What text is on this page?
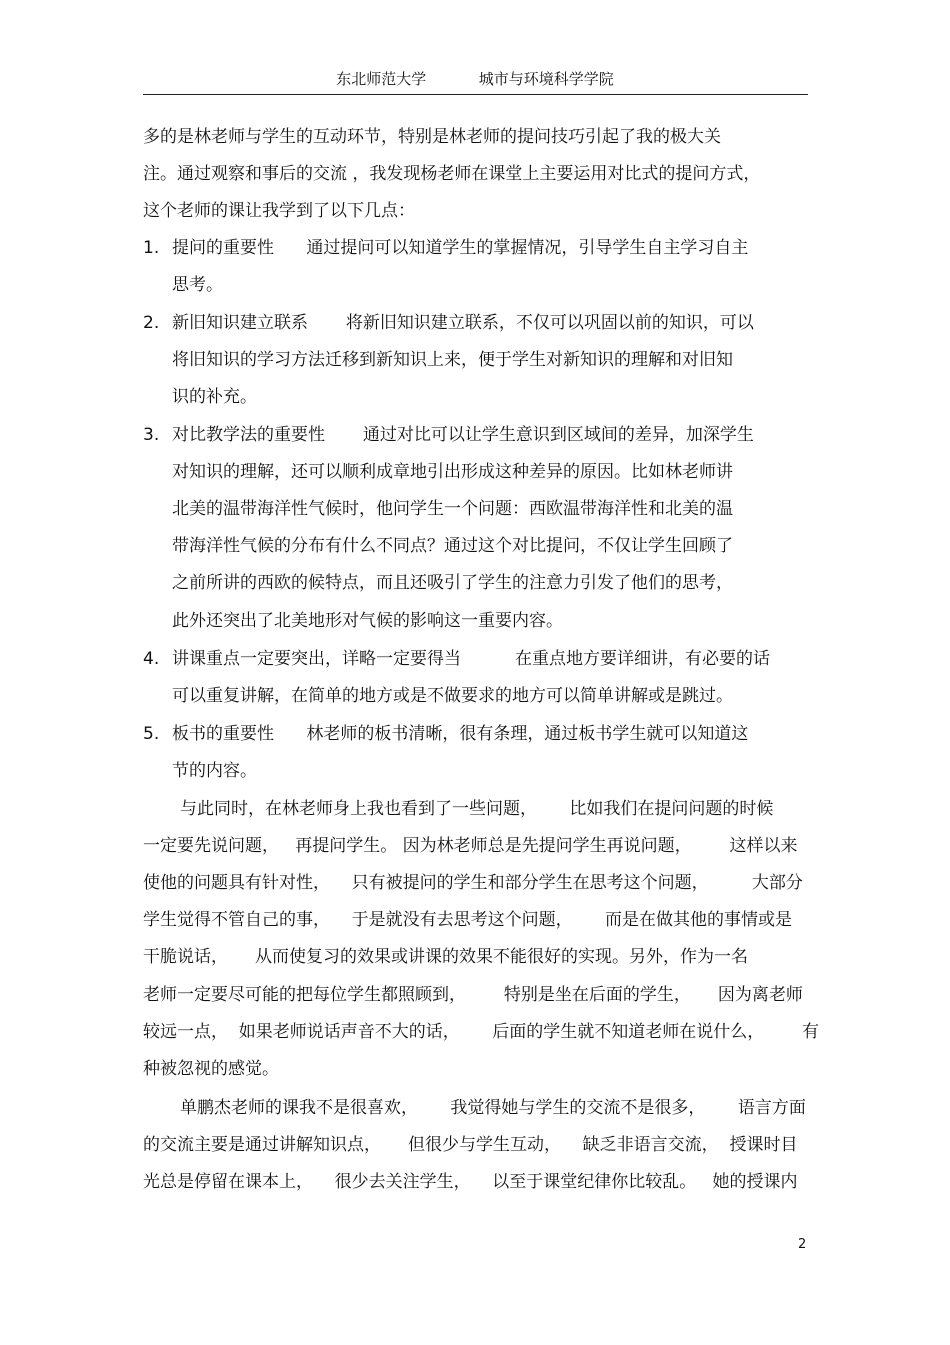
东北师范大学	城市与环境科学学院
多的是林老师与学生的互动环节，特别是林老师的提问技巧引起了我的极大关
注。通过观察和事后的交流 ，我发现杨老师在课堂上主要运用对比式的提问方式，
这个老师的课让我学到了以下几点：
1. 提问的重要性      通过提问可以知道学生的掌握情况，引导学生自主学习自主
思考。
2. 新旧知识建立联系       将新旧知识建立联系，不仅可以巩固以前的知识，可以
将旧知识的学习方法迁移到新知识上来，便于学生对新知识的理解和对旧知
识的补充。
3. 对比教学法的重要性       通过对比可以让学生意识到区域间的差异，加深学生
对知识的理解，还可以顺利成章地引出形成这种差异的原因。比如林老师讲
北美的温带海洋性气候时，他问学生一个问题：西欧温带海洋性和北美的温
带海洋性气候的分布有什么不同点？通过这个对比提问，不仅让学生回顾了
之前所讲的西欧的候特点，而且还吸引了学生的注意力引发了他们的思考，
此外还突出了北美地形对气候的影响这一重要内容。
4. 讲课重点一定要突出，详略一定要得当          在重点地方要详细讲，有必要的话
可以重复讲解，在简单的地方或是不做要求的地方可以简单讲解或是跳过。
5. 板书的重要性      林老师的板书清晰，很有条理，通过板书学生就可以知道这
节的内容。
与此同时，在林老师身上我也看到了一些问题，      比如我们在提问问题的时候
一定要先说问题，   再提问学生。 因为林老师总是先提问学生再说问题，       这样以来
使他的问题具有针对性，    只有被提问的学生和部分学生在思考这个问题，        大部分
学生觉得不管自己的事，    于是就没有去思考这个问题，      而是在做其他的事情或是
干脆说话，     从而使复习的效果或讲课的效果不能很好的实现。另外，作为一名
老师一定要尽可能的把每位学生都照顾到，       特别是坐在后面的学生，     因为离老师
较远一点，  如果老师说话声音不大的话，      后面的学生就不知道老师在说什么，       有
种被忽视的感觉。
单鹏杰老师的课我不是很喜欢，      我觉得她与学生的交流不是很多，      语言方面
的交流主要是通过讲解知识点，     但很少与学生互动，    缺乏非语言交流，  授课时目
光总是停留在课本上，    很少去关注学生，    以至于课堂纪律你比较乱。   她的授课内
2
